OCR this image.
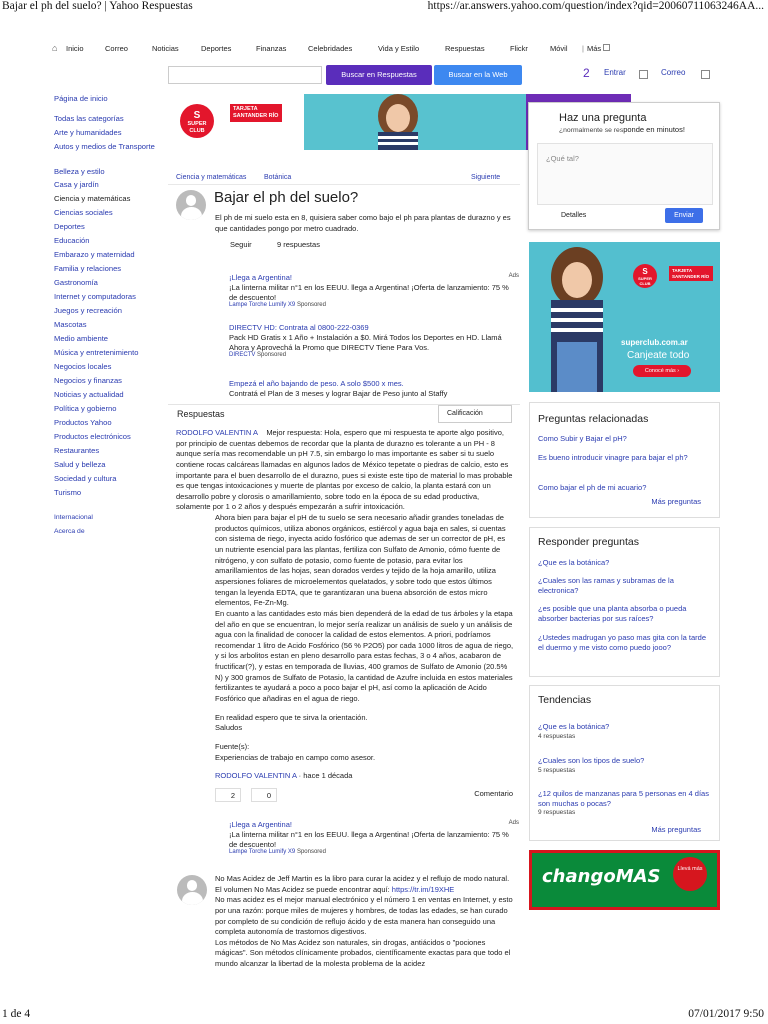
Bajar el ph del suelo? | Yahoo Respuestas	https://ar.answers.yahoo.com/question/index?qid=20060711063246AA...
⌂ Inicio	Correo	Noticias	Deportes	Finanzas	Celebridades	Vida y Estilo	Respuestas	Flickr	Móvil | Más
Buscar en Respuestas	Buscar en la Web	2 Entrar	Correo
Página de inicio
Todas las categorías
Arte y humanidades
Autos y medios de Transporte
Belleza y estilo
Casa y jardín
Ciencia y matemáticas
Ciencias sociales
Deportes
Educación
Embarazo y maternidad
Familia y relaciones
Gastronomía
Internet y computadoras
Juegos y recreación
Mascotas
Medio ambiente
Música y entretenimiento
Negocios locales
Negocios y finanzas
Noticias y actualidad
Política y gobierno
Productos Yahoo
Productos electrónicos
Restaurantes
Salud y belleza
Sociedad y cultura
Turismo
Internacional
Acerca de
S
SUPER CLUB
TARJETA SANTANDER RÍO	Haz una pregunta
¿normalmente se responde en minutos!
¿Qué tal?
Detalles	Enviar
Ciencia y matemáticas	Botánica	Siguiente
Bajar el ph del suelo?
El ph de mi suelo esta en 8, quisiera saber como bajo el ph para plantas de durazno y es que cantidades pongo por metro cuadrado.
Seguir	9 respuestas
¡Llega a Argentina!
¡La linterna militar n°1 en los EEUU. llega a Argentina! ¡Oferta de lanzamiento: 75 % de descuento!
Lampe Torche Lumify X9 Sponsored
Ads
DIRECTV HD: Contrata al 0800-222-0369
Pack HD Gratis x 1 Año + Instalación a $0. Mirá Todos los Deportes en HD. Llamá Ahora y Aprovechá la Promo que DIRECTV Tiene Para Vos.
DIRECTV Sponsored
Empezá el año bajando de peso. A solo $500 x mes.
Contratá el Plan de 3 meses y lograr Bajar de Peso junto al Staffy
Respuestas	Calificación

RODOLFO VALENTIN A Mejor respuesta: Hola, espero que mi respuesta te aporte algo positivo, por principio de cuentas debemos de recordar que la planta de durazno es tolerante a un PH - 8 aunque sería mas recomendable un pH 7.5, sin embargo lo mas importante es saber si tu suelo contiene rocas calcáreas llamadas en algunos lados de México tepetate o piedras de calcio, esto es importante para el buen desarrollo de el durazno, pues si existe este tipo de material lo mas probable es que tengas intoxicaciones y muerte de plantas por exceso de calcio, la planta estará con un desarrollo pobre y clorosis o amarillamiento, sobre todo en la época de su edad productiva, solamente por 1 o 2 años y después empezarán a sufrir intoxicación.

Ahora bien para bajar el pH de tu suelo se sera necesario añadir grandes toneladas de productos químicos, utiliza abonos orgánicos, estiércol y agua baja en sales, si cuentas con sistema de riego, inyecta acido fosfórico que ademas de ser un corrector de pH, es un nutriente esencial para las plantas, fertiliza con Sulfato de Amonio, cómo fuente de nitrógeno, y con sulfato de potasio, como fuente de potasio, para evitar los amarillamientos de las hojas, sean dorados verdes y tejido de la hoja amarillo, utiliza aspersiones foliares de microelementos quelatados, y sobre todo que estos últimos tengan la leyenda EDTA, que te garantizaran una buena absorción de estos micro elementos, Fe-Zn-Mg.

En cuanto a las cantidades esto más bien dependerá de la edad de tus árboles y la etapa del año en que se encuentran, lo mejor sería realizar un análisis de suelo y un análisis de agua con la finalidad de conocer la calidad de estos elementos. A priori, podríamos recomendar 1 litro de Acido Fosfórico (56 % P2O5) por cada 1000 litros de agua de riego, y si los arbolitos estan en pleno desarrollo para estas fechas, 3 o 4 años, acabaron de fructificar(?), y estas en temporada de lluvias, 400 gramos de Sulfato de Amonio (20.5% N) y 300 gramos de Sulfato de Potasio, la cantidad de Azufre incluida en estos materiales fertilizantes te ayudará a poco a poco bajar el pH, así como la aplicación de Acido Fosfórico que añadiras en el agua de riego.

En realidad espero que te sirva la orientación.

Saludos

Fuente(s):

Experiencias de trabajo en campo como asesor.

RODOLFO VALENTIN A · hace 1 década

2	0	Comentario
¡Llega a Argentina!
¡La linterna militar n°1 en los EEUU. llega a Argentina! ¡Oferta de lanzamiento: 75 % de descuento!
Lampe Torche Lumify X9 Sponsored
Ads

No Mas Acidez de Jeff Martin es la libro para curar la acidez y el reflujo de modo natural. El volumen No Mas Acidez se puede encontrar aquí: https://tr.im/19XHE

No mas acidez es el mejor manual electrónico y el número 1 en ventas en Internet, y esto por una razón: porque miles de mujeres y hombres, de todas las edades, se han curado por completo de su condición de reflujo ácido y de esta manera han conseguido una completa autonomía de trastornos digestivos.

Los métodos de No Mas Acidez son naturales, sin drogas, antiácidos o "pociones mágicas". Son métodos clínicamente probados, científicamente exactas para que todo el mundo alcanzar la libertad de la molesta problema de la acidez

S
SUPER CLUB
TARJETA SANTANDER RÍO
superclub.com.ar
Canjeate todo
Conocé más ›
Preguntas relacionadas
Como Subir y Bajar el pH?
Es bueno introducir vinagre para bajar el ph?
Como bajar el ph de mi acuario?
Más preguntas
Responder preguntas
¿Que es la botánica?
¿Cuales son las ramas y subramas de la electronica?
¿es posible que una planta absorba o pueda absorber bacterias por sus raíces?
¿Ustedes madrugan yo paso mas gita con la tarde el duermo y me visto como puedo jooo?
Tendencias
¿Que es la botánica?
4 respuestas
¿Cuales son los tipos de suelo?
5 respuestas
¿12 quilos de manzanas para 5 personas en 4 días son muchas o pocas?
9 respuestas
Más preguntas
changoMAS	Llevá más
1 de 4	07/01/2017 9:50
